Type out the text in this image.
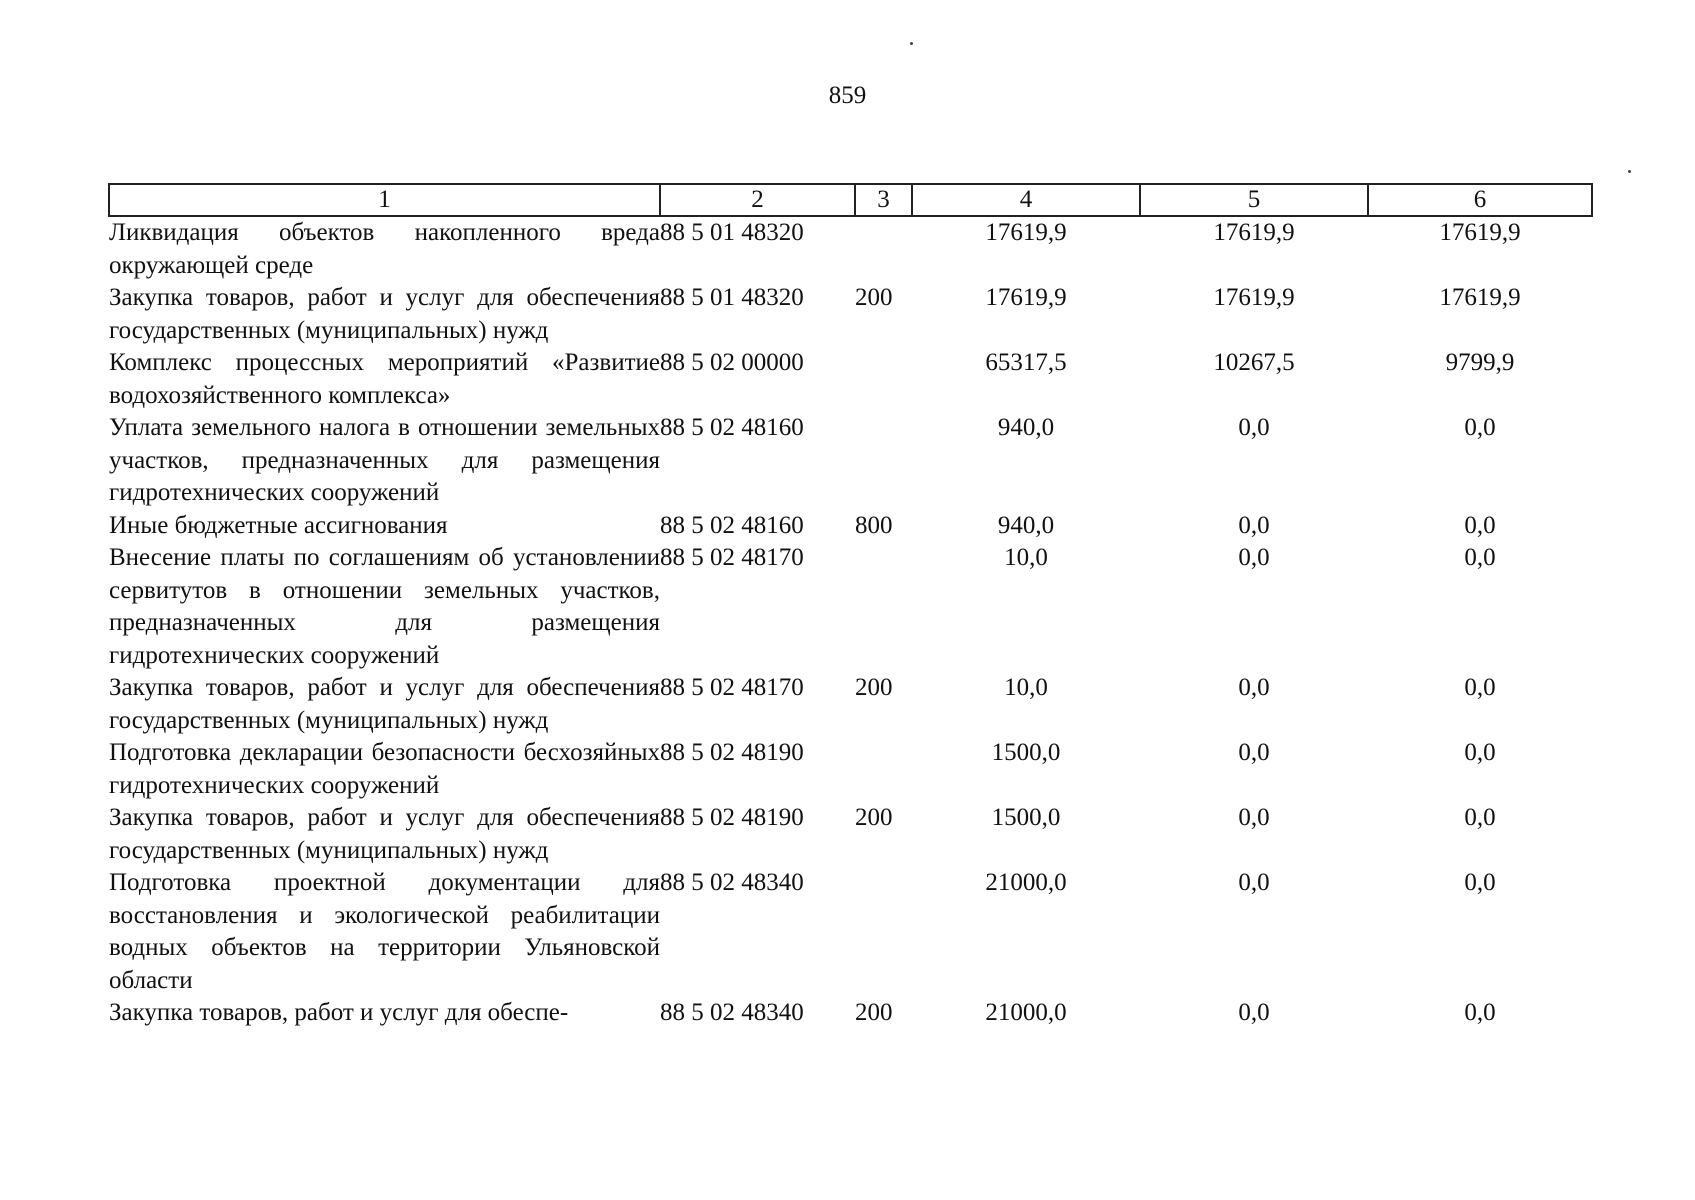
859
1	2	3	4	5	6
Ликвидация объектов накопленного вреда окружающей среде	88 5 01 48320		17619,9	17619,9	17619,9
Закупка товаров, работ и услуг для обеспечения государственных (муниципальных) нужд	88 5 01 48320	200	17619,9	17619,9	17619,9
Комплекс процессных мероприятий «Развитие водохозяйственного комплекса»	88 5 02 00000		65317,5	10267,5	9799,9
Уплата земельного налога в отношении земельных участков, предназначенных для размещения гидротехнических сооружений	88 5 02 48160		940,0	0,0	0,0
Иные бюджетные ассигнования	88 5 02 48160	800	940,0	0,0	0,0
Внесение платы по соглашениям об установлении сервитутов в отношении земельных участков, предназначенных для размещения гидротехнических сооружений	88 5 02 48170		10,0	0,0	0,0
Закупка товаров, работ и услуг для обеспечения государственных (муниципальных) нужд	88 5 02 48170	200	10,0	0,0	0,0
Подготовка декларации безопасности бесхозяйных гидротехнических сооружений	88 5 02 48190		1500,0	0,0	0,0
Закупка товаров, работ и услуг для обеспечения государственных (муниципальных) нужд	88 5 02 48190	200	1500,0	0,0	0,0
Подготовка проектной документации для восстановления и экологической реабилитации водных объектов на территории Ульяновской области	88 5 02 48340		21000,0	0,0	0,0
Закупка товаров, работ и услуг для обеспе-	88 5 02 48340	200	21000,0	0,0	0,0
